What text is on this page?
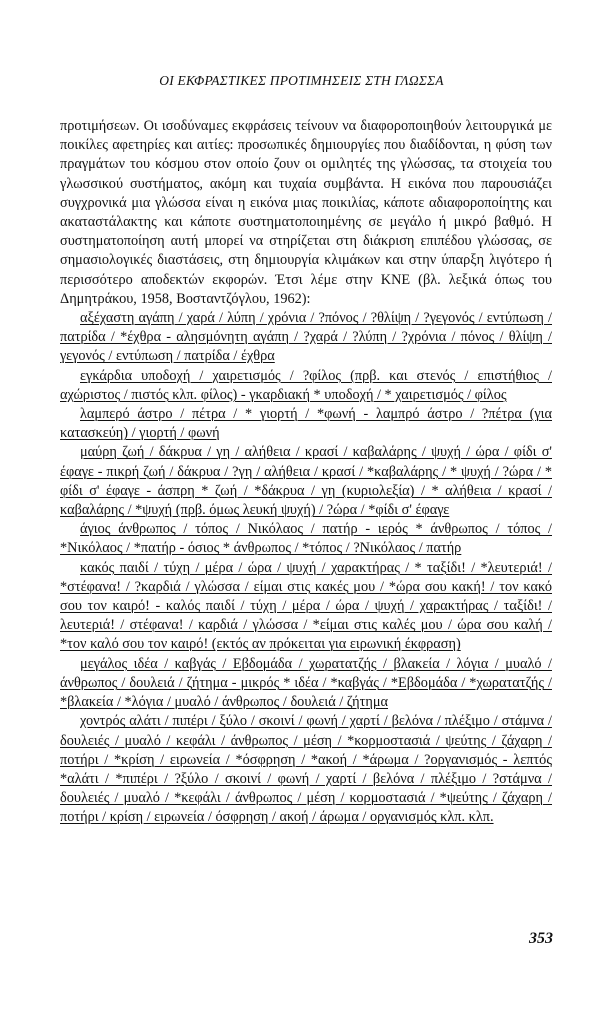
ΟΙ ΕΚΦΡΑΣΤΙΚΕΣ ΠΡΟΤΙΜΗΣΕΙΣ ΣΤΗ ΓΛΩΣΣΑ

προτιμήσεων. Οι ισοδύναμες εκφράσεις τείνουν να διαφοροποιηθούν λειτουργικά με ποικίλες αφετηρίες και αιτίες: προσωπικές δημιουργίες που διαδίδονται, η φύση των πραγμάτων του κόσμου στον οποίο ζουν οι ομιλητές της γλώσσας, τα στοιχεία του γλωσσικού συστήματος, ακόμη και τυχαία συμβάντα. Η εικόνα που παρουσιάζει συγχρονικά μια γλώσσα είναι η εικόνα μιας ποικιλίας, κάποτε αδιαφοροποίητης και ακαταστάλακτης και κάποτε συστηματοποιημένης σε μεγάλο ή μικρό βαθμό. Η συστηματοποίηση αυτή μπορεί να στηρίζεται στη διάκριση επιπέδου γλώσσας, σε σημασιολογικές διαστάσεις, στη δημιουργία κλιμάκων και στην ύπαρξη λιγότερο ή περισσότερο αποδεκτών εκφορών. Έτσι λέμε στην ΚΝΕ (βλ. λεξικά όπως του Δημητράκου, 1958, Βοσταντζόγλου, 1962):

αξέχαστη αγάπη / χαρά / λύπη / χρόνια / ?πόνος / ?θλίψη / ?γεγονός / εντύπωση / πατρίδα / *έχθρα - αλησμόνητη αγάπη / ?χαρά / ?λύπη / ?χρόνια / πόνος / θλίψη / γεγονός / εντύπωση / πατρίδα / έχθρα

εγκάρδια υποδοχή / χαιρετισμός / ?φίλος (πρβ. και στενός / επιστήθιος / αχώριστος / πιστός κλπ. φίλος) - γκαρδιακή * υποδοχή / * χαιρετισμός / φίλος

λαμπερό άστρο / πέτρα / * γιορτή / *φωνή - λαμπρό άστρο / ?πέτρα (για κατασκεύη) / γιορτή / φωνή

μαύρη ζωή / δάκρυα / γη / αλήθεια / κρασί / καβαλάρης / ψυχή / ώρα / φίδι σ' έφαγε - πικρή ζωή / δάκρυα / ?γη / αλήθεια / κρασί / *καβαλάρης / * ψυχή / ?ώρα / * φίδι σ' έφαγε - άσπρη * ζωή / *δάκρυα / γη (κυριολεξία) / * αλήθεια / κρασί / καβαλάρης / *ψυχή (πρβ. όμως λευκή ψυχή) / ?ώρα / *φίδι σ' έφαγε

άγιος άνθρωπος / τόπος / Νικόλαος / πατήρ - ιερός * άνθρωπος / τόπος / *Νικόλαος / *πατήρ - όσιος * άνθρωπος / *τόπος / ?Νικόλαος / πατήρ

κακός παιδί / τύχη / μέρα / ώρα / ψυχή / χαρακτήρας / * ταξίδι! / *λευτεριά! / *στέφανα! / ?καρδιά / γλώσσα / είμαι στις κακές μου / *ώρα σου κακή! / τον κακό σου τον καιρό! - καλός παιδί / τύχη / μέρα / ώρα / ψυχή / χαρακτήρας / ταξίδι! / λευτεριά! / στέφανα! / καρδιά / γλώσσα / *είμαι στις καλές μου / ώρα σου καλή / *τον καλό σου τον καιρό! (εκτός αν πρόκειται για ειρωνική έκφραση)

μεγάλος ιδέα / καβγάς / Εβδομάδα / χωρατατζής / βλακεία / λόγια / μυαλό / άνθρωπος / δουλειά / ζήτημα - μικρός * ιδέα / *καβγάς / *Εβδομάδα / *χωρατατζής / *βλακεία / *λόγια / μυαλό / άνθρωπος / δουλειά / ζήτημα

χοντρός αλάτι / πιπέρι / ξύλο / σκοινί / φωνή / χαρτί / βελόνα / πλέξιμο / στάμνα / δουλειές / μυαλό / κεφάλι / άνθρωπος / μέση / *κορμοστασιά / ψεύτης / ζάχαρη / ποτήρι / *κρίση / ειρωνεία / *όσφρηση / *ακοή / *άρωμα / ?οργανισμός - λεπτός *αλάτι / *πιπέρι / ?ξύλο / σκοινί / φωνή / χαρτί / βελόνα / πλέξιμο / ?στάμνα / δουλειές / μυαλό / *κεφάλι / άνθρωπος / μέση / κορμοστασιά / *ψεύτης / ζάχαρη / ποτήρι / κρίση / ειρωνεία / όσφρηση / ακοή / άρωμα / οργανισμός κλπ. κλπ.

353
